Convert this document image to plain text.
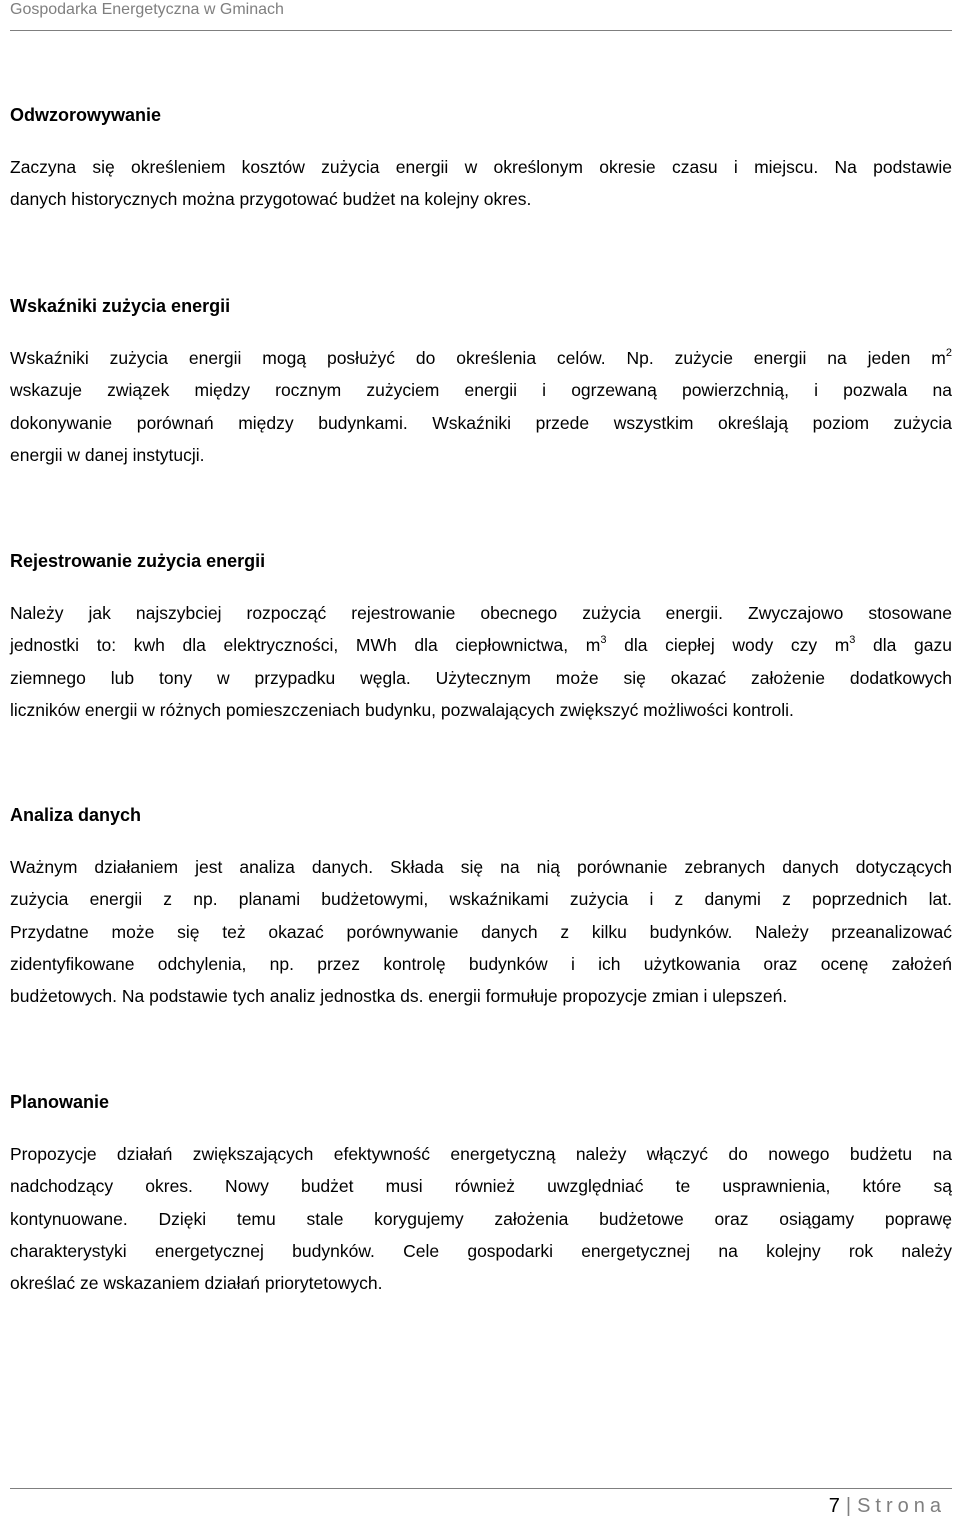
Gospodarka Energetyczna w Gminach
Odwzorowywanie
Zaczyna się określeniem kosztów zużycia energii w określonym okresie czasu i miejscu. Na podstawie
danych historycznych można przygotować budżet na kolejny okres.
Wskaźniki zużycia energii
Wskaźniki zużycia energii mogą posłużyć do określenia celów. Np. zużycie energii na jeden $m^2$
wskazuje związek między rocznym zużyciem energii i ogrzewaną powierzchnią, i pozwala na
dokonywanie porównań między budynkami. Wskaźniki przede wszystkim określają poziom zużycia
energii w danej instytucji.
Rejestrowanie zużycia energii
Należy jak najszybciej rozpocząć rejestrowanie obecnego zużycia energii. Zwyczajowo stosowane
jednostki to: kwh dla elektryczności, MWh dla ciepłownictwa, $m^3$ dla ciepłej wody czy $m^3$ dla gazu
ziemnego lub tony w przypadku węgla. Użytecznym może się okazać założenie dodatkowych
liczników energii w różnych pomieszczeniach budynku, pozwalających zwiększyć możliwości kontroli.
Analiza danych
Ważnym działaniem jest analiza danych. Składa się na nią porównanie zebranych danych dotyczących
zużycia energii z np. planami budżetowymi, wskaźnikami zużycia i z danymi z poprzednich lat.
Przydatne może się też okazać porównywanie danych z kilku budynków. Należy przeanalizować
zidentyfikowane odchylenia, np. przez kontrolę budynków i ich użytkowania oraz ocenę założeń
budżetowych. Na podstawie tych analiz jednostka ds. energii formułuje propozycje zmian i ulepszeń.
Planowanie
Propozycje działań zwiększających efektywność energetyczną należy włączyć do nowego budżetu na
nadchodzący okres. Nowy budżet musi również uwzględniać te usprawnienia, które są
kontynuowane. Dzięki temu stale korygujemy założenia budżetowe oraz osiągamy poprawę
charakterystyki energetycznej budynków. Cele gospodarki energetycznej na kolejny rok należy
określać ze wskazaniem działań priorytetowych.
7 | Strona
